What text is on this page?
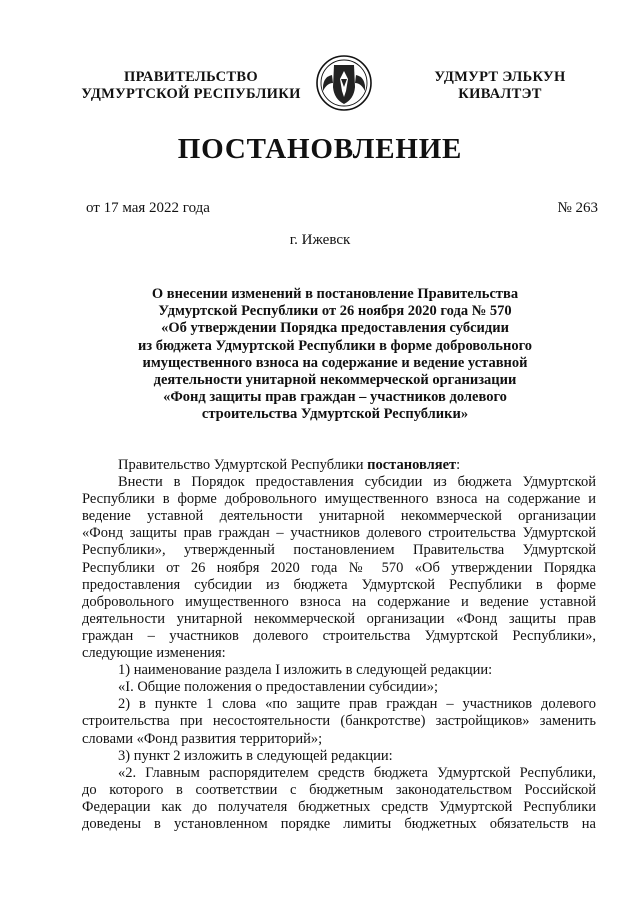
ПРАВИТЕЛЬСТВО
УДМУРТСКОЙ РЕСПУБЛИКИ
УДМУРТ ЭЛЬКУН
КИВАЛТЭТ
ПОСТАНОВЛЕНИЕ
от 17 мая 2022 года	№ 263
г. Ижевск
О внесении изменений в постановление Правительства
Удмуртской Республики от 26 ноября 2020 года № 570
«Об утверждении Порядка предоставления субсидии
из бюджета Удмуртской Республики в форме добровольного
имущественного взноса на содержание и ведение уставной
деятельности унитарной некоммерческой организации
«Фонд защиты прав граждан – участников долевого
строительства Удмуртской Республики»
Правительство Удмуртской Республики постановляет:
Внести в Порядок предоставления субсидии из бюджета Удмуртской
Республики в форме добровольного имущественного взноса на содержание и
ведение уставной деятельности унитарной некоммерческой организации
«Фонд защиты прав граждан – участников долевого строительства Удмуртской
Республики», утвержденный постановлением Правительства Удмуртской
Республики от 26 ноября 2020 года № 570 «Об утверждении Порядка
предоставления субсидии из бюджета Удмуртской Республики в форме
добровольного имущественного взноса на содержание и ведение уставной
деятельности унитарной некоммерческой организации «Фонд защиты прав
граждан – участников долевого строительства Удмуртской Республики»,
следующие изменения:
1) наименование раздела I изложить в следующей редакции:
«I. Общие положения о предоставлении субсидии»;
2) в пункте 1 слова «по защите прав граждан – участников долевого
строительства при несостоятельности (банкротстве) застройщиков» заменить
словами «Фонд развития территорий»;
3) пункт 2 изложить в следующей редакции:
«2. Главным распорядителем средств бюджета Удмуртской Республики,
до которого в соответствии с бюджетным законодательством Российской
Федерации как до получателя бюджетных средств Удмуртской Республики
доведены в установленном порядке лимиты бюджетных обязательств на
